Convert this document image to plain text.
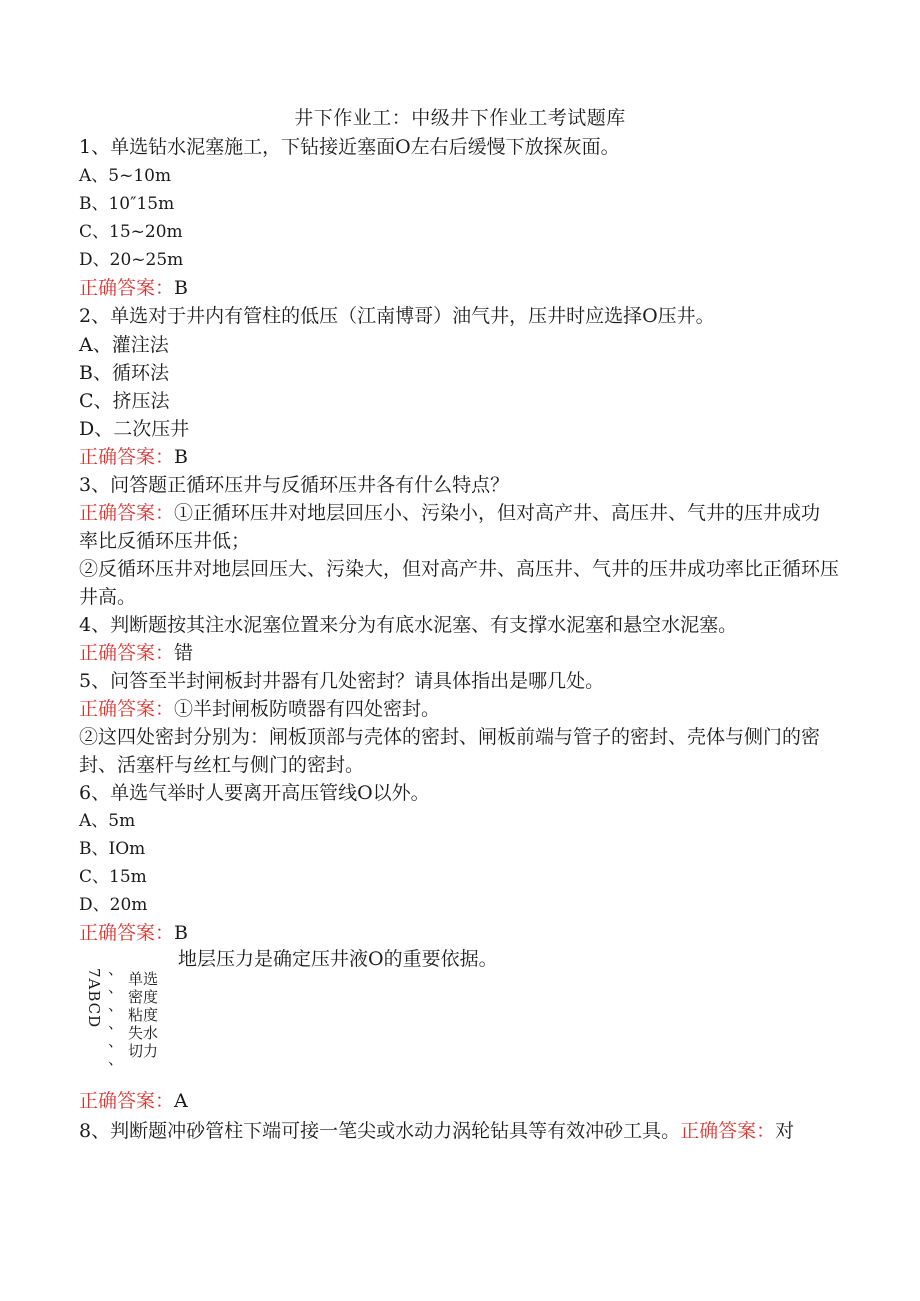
井下作业工：中级井下作业工考试题库
1、单选钻水泥塞施工，下钻接近塞面O左右后缓慢下放探灰面。
A、5~10m
B、10″15m
C、15~20m
D、20~25m
正确答案：B
2、单选对于井内有管柱的低压（江南博哥）油气井，压井时应选择O压井。
A、灌注法
B、循环法
C、挤压法
D、二次压井
正确答案：B
3、问答题正循环压井与反循环压井各有什么特点？
正确答案：①正循环压井对地层回压小、污染小，但对高产井、高压井、气井的压井成功率比反循环压井低；
②反循环压井对地层回压大、污染大，但对高产井、高压井、气井的压井成功率比正循环压井高。
4、判断题按其注水泥塞位置来分为有底水泥塞、有支撑水泥塞和悬空水泥塞。
正确答案：错
5、问答至半封闸板封井器有几处密封？请具体指出是哪几处。
正确答案：①半封闸板防喷器有四处密封。
②这四处密封分别为：闸板顶部与壳体的密封、闸板前端与管子的密封、壳体与侧门的密封、活塞杆与丝杠与侧门的密封。
6、单选气举时人要离开高压管线O以外。
A、5m
B、IOm
C、15m
D、20m
正确答案：B
地层压力是确定压井液O的重要依据。
7ABCD 、
、
、
、
、
、
单选
密度
粘度
失水
切力
正确答案：A
8、判断题冲砂管柱下端可接一笔尖或水动力涡轮钻具等有效冲砂工具。正确答案：对
